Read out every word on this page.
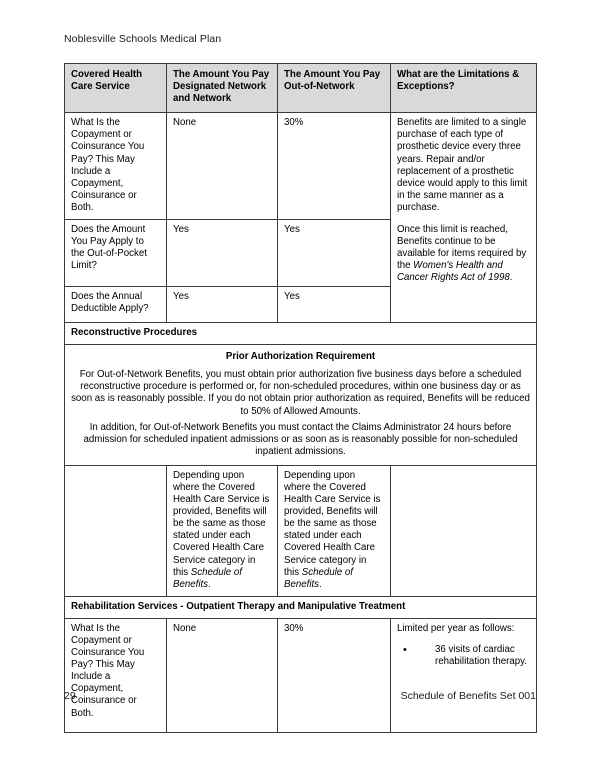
Noblesville Schools Medical Plan
Covered Health Care Service	The Amount You Pay Designated Network and Network	The Amount You Pay Out-of-Network	What are the Limitations & Exceptions?
What Is the Copayment or Coinsurance You Pay? This May Include a Copayment, Coinsurance or Both.	None	30%	Benefits are limited to a single purchase of each type of prosthetic device every three years. Repair and/or replacement of a prosthetic device would apply to this limit in the same manner as a purchase.

Once this limit is reached, Benefits continue to be available for items required by the Women's Health and Cancer Rights Act of 1998.

Does the Amount You Pay Apply to the Out-of-Pocket Limit?	Yes	Yes	
Does the Annual Deductible Apply?	Yes	Yes	
Reconstructive Procedures			
Prior Authorization Requirement			
For Out-of-Network Benefits, you must obtain prior authorization five business days before a scheduled reconstructive procedure is performed or, for non-scheduled procedures, within one business day or as soon as is reasonably possible. If you do not obtain prior authorization as required, Benefits will be reduced to 50% of Allowed Amounts.			
In addition, for Out-of-Network Benefits you must contact the Claims Administrator 24 hours before admission for scheduled inpatient admissions or as soon as is reasonably possible for non-scheduled inpatient admissions.			
	Depending upon where the Covered Health Care Service is provided, Benefits will be the same as those stated under each Covered Health Care Service category in this Schedule of Benefits.	Depending upon where the Covered Health Care Service is provided, Benefits will be the same as those stated under each Covered Health Care Service category in this Schedule of Benefits.	
Rehabilitation Services - Outpatient Therapy and Manipulative Treatment			
What Is the Copayment or Coinsurance You Pay? This May Include a Copayment, Coinsurance or Both.	None	30%	Limited per year as follows:
•	36 visits of cardiac rehabilitation therapy.
29	Schedule of Benefits Set 001
